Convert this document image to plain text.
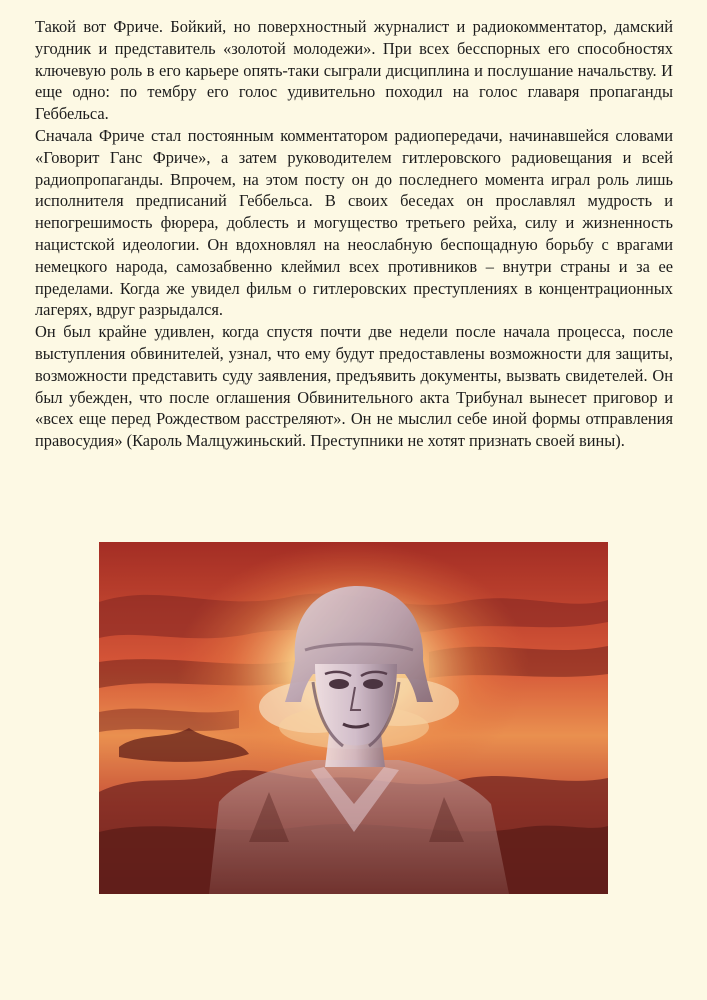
Такой вот Фриче. Бойкий, но поверхностный журналист и радиокомментатор, дамский угодник и представитель «золотой молодежи». При всех бесспорных его способностях ключевую роль в его карьере опять-таки сыграли дисциплина и послушание начальству. И еще одно: по тембру его голос удивительно походил на голос главаря пропаганды Геббельса.

Сначала Фриче стал постоянным комментатором радиопередачи, начинавшейся словами «Говорит Ганс Фриче», а затем руководителем гитлеровского радиовещания и всей радиопропаганды. Впрочем, на этом посту он до последнего момента играл роль лишь исполнителя предписаний Геббельса. В своих беседах он прославлял мудрость и непогрешимость фюрера, доблесть и могущество третьего рейха, силу и жизненность нацистской идеологии. Он вдохновлял на неослабную беспощадную борьбу с врагами немецкого народа, самозабвенно клеймил всех противников – внутри страны и за ее пределами. Когда же увидел фильм о гитлеровских преступлениях в концентрационных лагерях, вдруг разрыдался.

Он был крайне удивлен, когда спустя почти две недели после начала процесса, после выступления обвинителей, узнал, что ему будут предоставлены возможности для защиты, возможности представить суду заявления, предъявить документы, вызвать свидетелей. Он был убежден, что после оглашения Обвинительного акта Трибунал вынесет приговор и «всех еще перед Рождеством расстреляют». Он не мыслил себе иной формы отправления правосудия» (Кароль Малцужиньский. Преступники не хотят признать своей вины).
